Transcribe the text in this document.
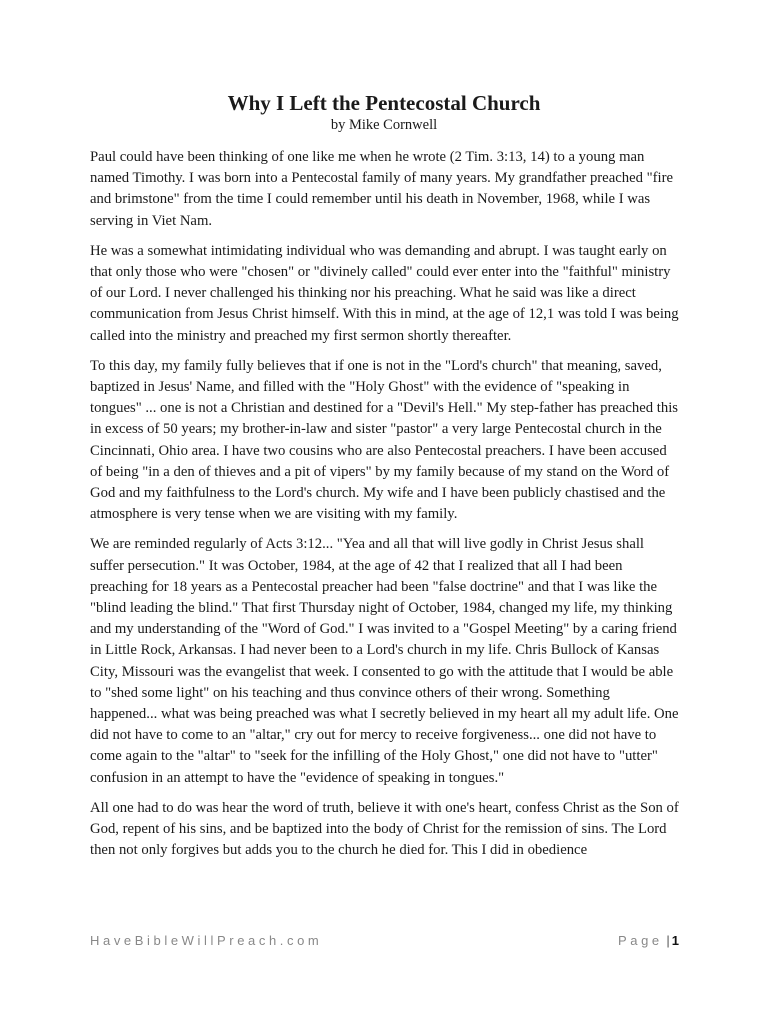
Why I Left the Pentecostal Church
by Mike Cornwell

Paul could have been thinking of one like me when he wrote (2 Tim. 3:13, 14) to a young man named Timothy. I was born into a Pentecostal family of many years. My grandfather preached "fire and brimstone" from the time I could remember until his death in November, 1968, while I was serving in Viet Nam.

He was a somewhat intimidating individual who was demanding and abrupt. I was taught early on that only those who were "chosen" or "divinely called" could ever enter into the "faithful" ministry of our Lord. I never challenged his thinking nor his preaching. What he said was like a direct communication from Jesus Christ himself. With this in mind, at the age of 12,1 was told I was being called into the ministry and preached my first sermon shortly thereafter.

To this day, my family fully believes that if one is not in the "Lord's church" that meaning, saved, baptized in Jesus' Name, and filled with the "Holy Ghost" with the evidence of "speaking in tongues" ... one is not a Christian and destined for a "Devil's Hell." My step-father has preached this in excess of 50 years; my brother-in-law and sister "pastor" a very large Pentecostal church in the Cincinnati, Ohio area. I have two cousins who are also Pentecostal preachers. I have been accused of being "in a den of thieves and a pit of vipers" by my family because of my stand on the Word of God and my faithfulness to the Lord's church. My wife and I have been publicly chastised and the atmosphere is very tense when we are visiting with my family.

We are reminded regularly of Acts 3:12... "Yea and all that will live godly in Christ Jesus shall suffer persecution." It was October, 1984, at the age of 42 that I realized that all I had been preaching for 18 years as a Pentecostal preacher had been "false doctrine" and that I was like the "blind leading the blind." That first Thursday night of October, 1984, changed my life, my thinking and my understanding of the "Word of God." I was invited to a "Gospel Meeting" by a caring friend in Little Rock, Arkansas. I had never been to a Lord's church in my life. Chris Bullock of Kansas City, Missouri was the evangelist that week. I consented to go with the attitude that I would be able to "shed some light" on his teaching and thus convince others of their wrong. Something happened... what was being preached was what I secretly believed in my heart all my adult life. One did not have to come to an "altar," cry out for mercy to receive forgiveness... one did not have to come again to the "altar" to "seek for the infilling of the Holy Ghost," one did not have to "utter" confusion in an attempt to have the "evidence of speaking in tongues."

All one had to do was hear the word of truth, believe it with one's heart, confess Christ as the Son of God, repent of his sins, and be baptized into the body of Christ for the remission of sins. The Lord then not only forgives but adds you to the church he died for. This I did in obedience

HaveBibleWillPreach.com	Page | 1
